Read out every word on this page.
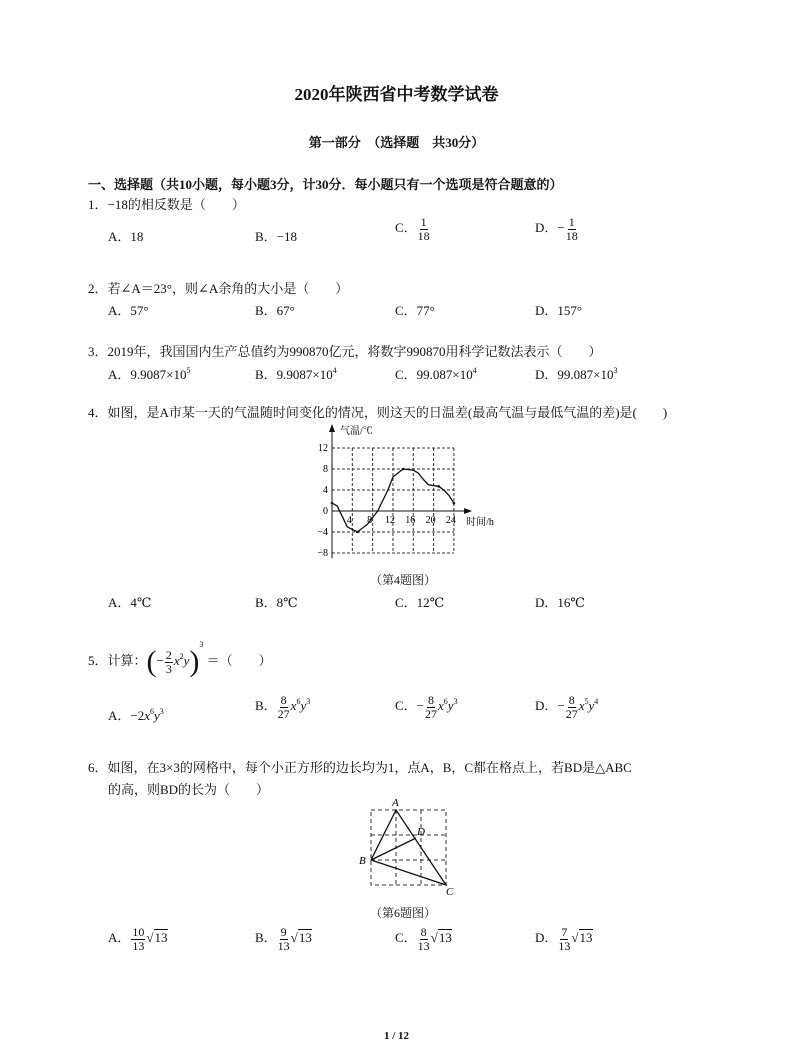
2020年陕西省中考数学试卷
第一部分　（选择题　共30分）
一、选择题（共10小题，每小题3分，计30分．每小题只有一个选项是符合题意的）
1．−18的相反数是（　　）
A．18	B．−18
C． $\frac{1}{18}$	D．− $\frac{1}{18}$
2．若∠A＝23°，则∠A余角的大小是（　　）
A．57°	B．67°	C．77°	D．157°
3．2019年，我国国内生产总值约为990870亿元，将数字990870用科学记数法表示（　　）
A．$9.9087\times 10^5$	B．$9.9087\times 10^4$	C．$99.087\times 10^4$	D．$99.087\times 10^3$
4．如图，是A市某一天的气温随时间变化的情况，则这天的日温差(最高气温与最低气温的差)是(　　)
12
8
4
0
−4
−8
4 8 12 16 20 24
气温/℃
时间/h
（第4题图）
A．4℃	B．8℃	C．12℃	D．16℃
5．计算：(− $\frac{2}{3} x^2y)^3$ ＝（　　）
A．$-2x^6y^3$	B． $\frac{8}{27} x^6y^3$	C．− $\frac{8}{27} x^6y^3$	D．− $\frac{8}{27} x^5y^4$
6．如图，在3×3的网格中，每个小正方形的边长均为1，点A，B，C都在格点上，若BD是△ABC
的高，则BD的长为（　　）
A
B
C
D
（第6题图）
A． $\frac{10}{13} √13$	B． $\frac{9}{13} √13$	C． $\frac{8}{13} √13$	D． $\frac{7}{13} √13$
1 / 12
